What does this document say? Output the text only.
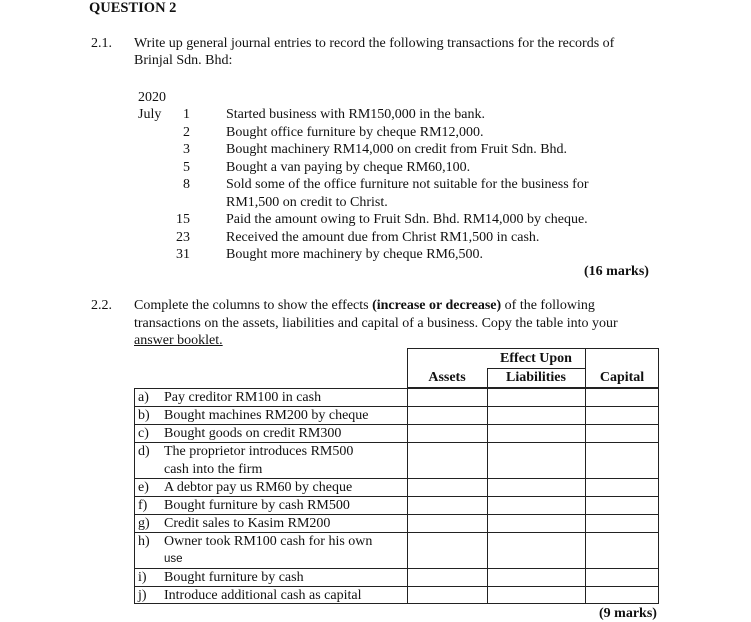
QUESTION 2
2.1. Write up general journal entries to record the following transactions for the records of
Brinjal Sdn. Bhd:
2020
July	1	Started business with RM150,000 in the bank.
2	Bought office furniture by cheque RM12,000.
3	Bought machinery RM14,000 on credit from Fruit Sdn. Bhd.
5	Bought a van paying by cheque RM60,100.
8	Sold some of the office furniture not suitable for the business for
RM1,500 on credit to Christ.
15	Paid the amount owing to Fruit Sdn. Bhd. RM14,000 by cheque.
23	Received the amount due from Christ RM1,500 in cash.
31	Bought more machinery by cheque RM6,500.
(16 marks)
2.2. Complete the columns to show the effects (increase or decrease) of the following
transactions on the assets, liabilities and capital of a business. Copy the table into your
answer booklet.
Effect Upon
Assets	Liabilities	Capital
a) Pay creditor RM100 in cash
b) Bought machines RM200 by cheque
c) Bought goods on credit RM300
d) The proprietor introduces RM500
cash into the firm
e) A debtor pay us RM60 by cheque
f) Bought furniture by cash RM500
g) Credit sales to Kasim RM200
h) Owner took RM100 cash for his own
use
i) Bought furniture by cash
j) Introduce additional cash as capital
(9 marks)
